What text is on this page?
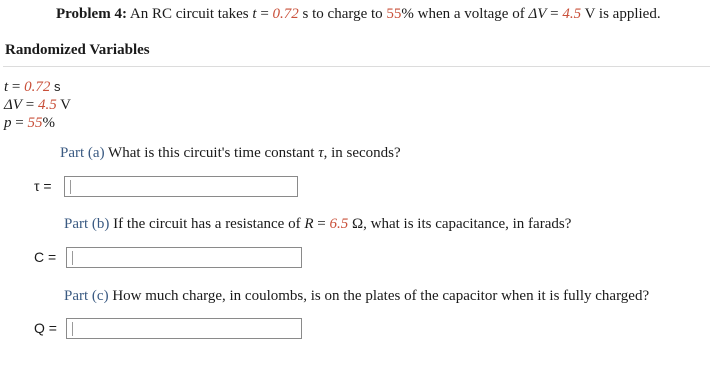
Problem 4: An RC circuit takes t = 0.72 s to charge to 55% when a voltage of ΔV = 4.5 V is applied.
Randomized Variables
t = 0.72 s
ΔV = 4.5 V
p = 55%
Part (a) What is this circuit's time constant τ, in seconds?
τ =
Part (b) If the circuit has a resistance of R = 6.5 Ω, what is its capacitance, in farads?
C =
Part (c) How much charge, in coulombs, is on the plates of the capacitor when it is fully charged?
Q =
